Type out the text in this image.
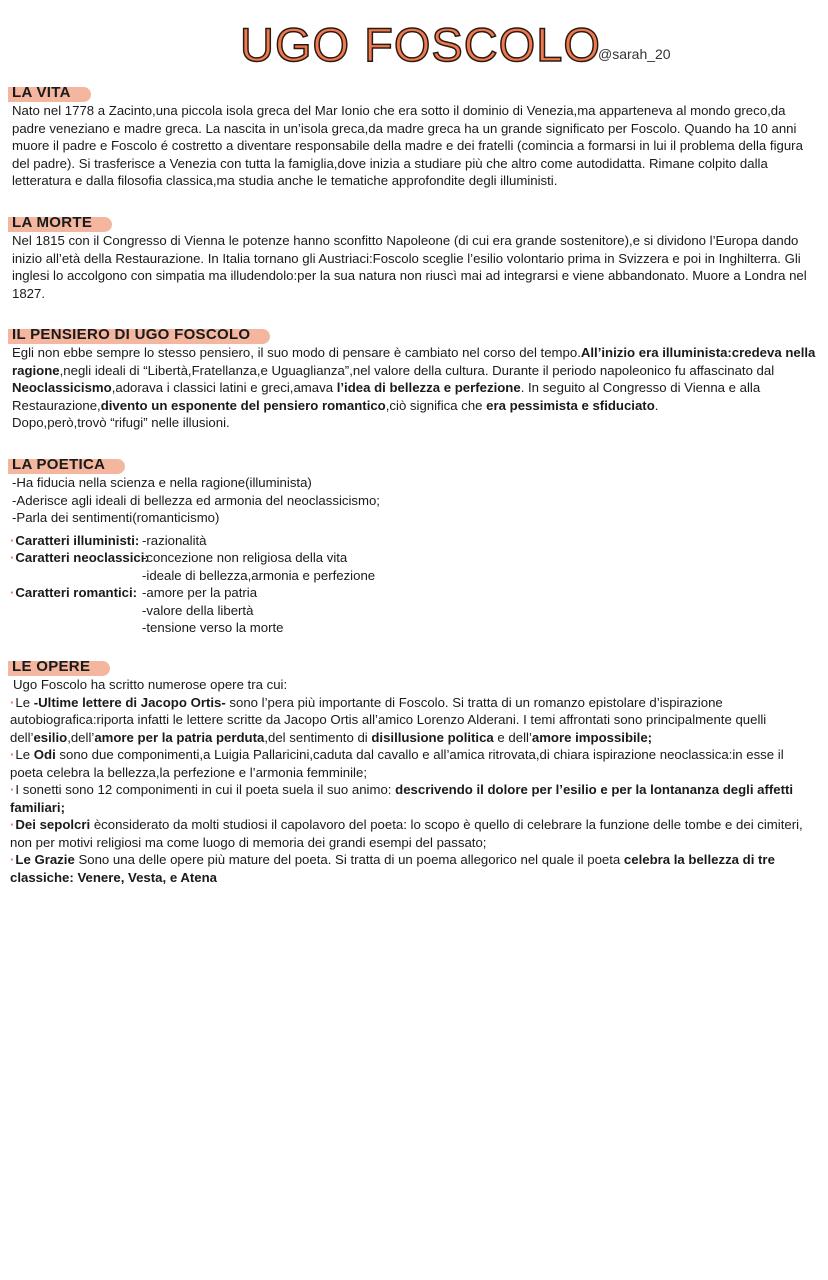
UGO FOSCOLO
@sarah_20
LA VITA

Nato nel 1778 a Zacinto,una piccola isola greca del Mar Ionio che era sotto il dominio di Venezia,ma apparteneva al mondo greco,da padre veneziano e madre greca. La nascita in un’isola greca,da madre greca ha un grande significato per Foscolo. Quando ha 10 anni muore il padre e Foscolo é costretto a diventare responsabile della madre e dei fratelli (comincia a formarsi in lui il problema della figura del padre). Si trasferisce a Venezia con tutta la famiglia,dove inizia a studiare più che altro come autodidatta. Rimane colpito dalla letteratura e dalla filosofia classica,ma studia anche le tematiche approfondite degli illuministi.

LA MORTE

Nel 1815 con il Congresso di Vienna le potenze hanno sconfitto Napoleone (di cui era grande sostenitore),e si dividono l’Europa dando inizio all’età della Restaurazione. In Italia tornano gli Austriaci:Foscolo sceglie l’esilio volontario prima in Svizzera e poi in Inghilterra. Gli inglesi lo accolgono con simpatia ma illudendolo:per la sua natura non riuscì mai ad integrarsi e viene abbandonato. Muore a Londra nel 1827.

IL PENSIERO DI UGO FOSCOLO

Egli non ebbe sempre lo stesso pensiero, il suo modo di pensare è cambiato nel corso del tempo.All’inizio era illuminista:credeva nella ragione,negli ideali di “Libertà,Fratellanza,e Uguaglianza”,nel valore della cultura. Durante il periodo napoleonico fu affascinato dal Neoclassicismo,adorava i classici latini e greci,amava l’idea di bellezza e perfezione. In seguito al Congresso di Vienna e alla Restaurazione,divento un esponente del pensiero romantico,ciò significa che era pessimista e sfiduciato.

Dopo,però,trovò “rifugi” nelle illusioni.

LA POETICA
-Ha fiducia nella scienza e nella ragione(illuminista)
-Aderisce agli ideali di bellezza ed armonia del neoclassicismo;
-Parla dei sentimenti(romanticismo)
· Caratteri illuministi: -razionalità
· Caratteri neoclassici:
-concezione non religiosa della vita
-ideale di bellezza,armonia e perfezione
· Caratteri romantici: -amore per la patria
-valore della libertà
-tensione verso la morte
LE OPERE

Ugo Foscolo ha scritto numerose opere tra cui:

· Le -Ultime lettere di Jacopo Ortis- sono l’pera più importante di Foscolo. Si tratta di un romanzo epistolare d’ispirazione autobiografica:riporta infatti le lettere scritte da Jacopo Ortis all’amico Lorenzo Alderani. I temi affrontati sono principalmente quelli dell’esilio,dell’amore per la patria perduta,del sentimento di disillusione politica e dell’amore impossibile;

· Le Odi sono due componimenti,a Luigia Pallaricini,caduta dal cavallo e all’amica ritrovata,di chiara ispirazione neoclassica:in esse il poeta celebra la bellezza,la perfezione e l’armonia femminile;

· I sonetti sono 12 componimenti in cui il poeta suela il suo animo: descrivendo il dolore per l’esilio e per la lontananza degli affetti familiari;

· Dei sepolcri èconsiderato da molti studiosi il capolavoro del poeta: lo scopo è quello di celebrare la funzione delle tombe e dei cimiteri, non per motivi religiosi ma come luogo di memoria dei grandi esempi del passato;

· Le Grazie Sono una delle opere più mature del poeta. Si tratta di un poema allegorico nel quale il poeta celebra la bellezza di tre classiche: Venere, Vesta, e Atena
